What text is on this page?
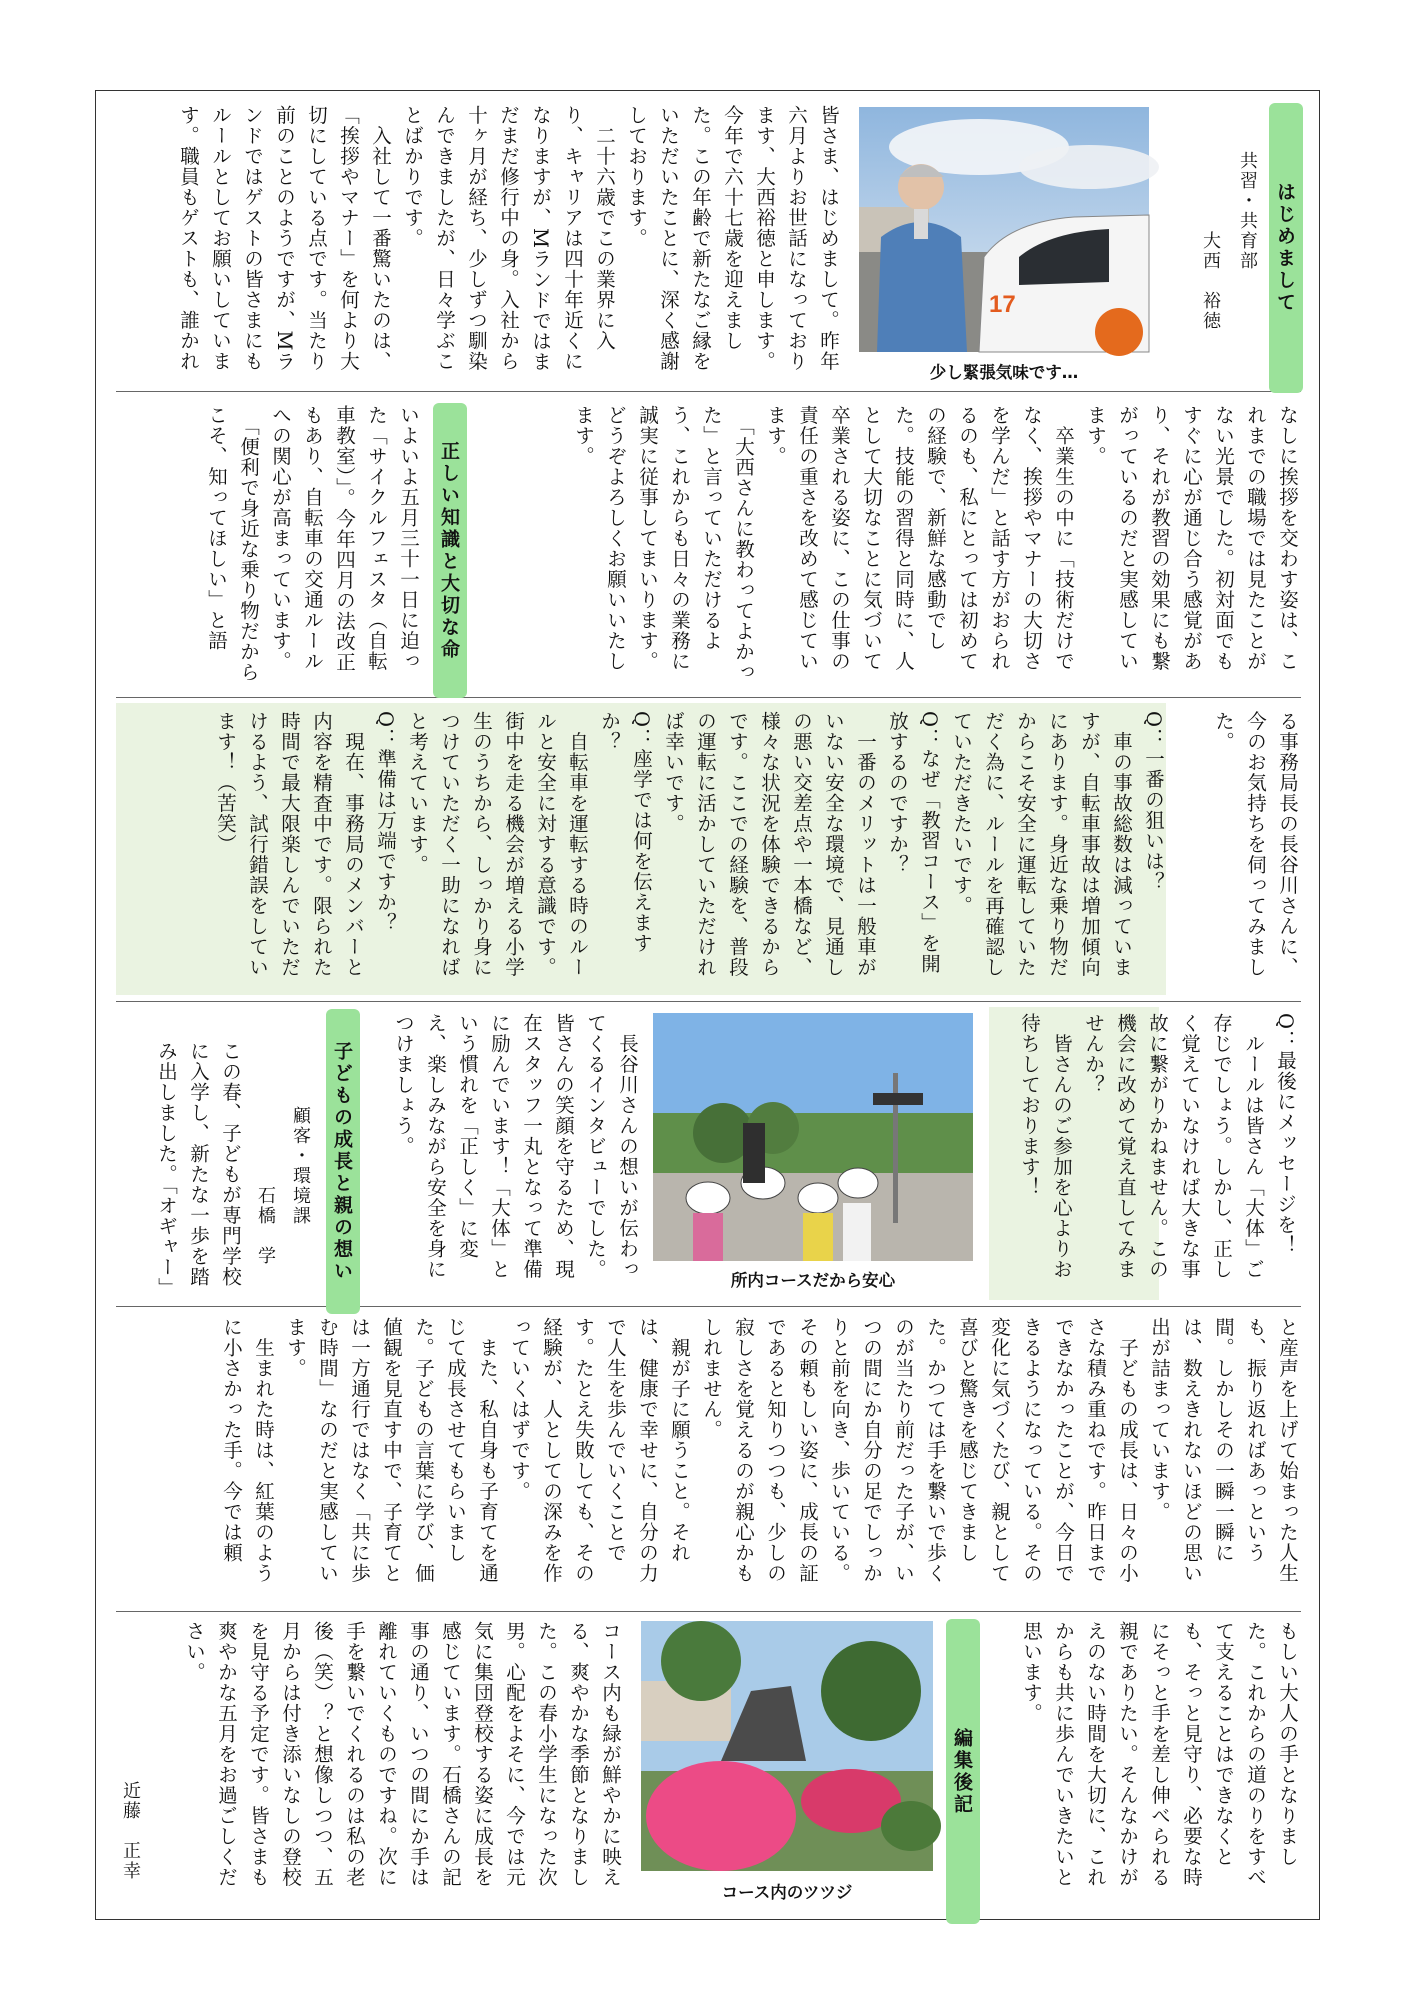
はじめまして
共習・共育部
大西　裕徳
17
少し緊張気味です…
皆さま、はじめまして。昨年六月よりお世話になっております、大西裕徳と申します。今年で六十七歳を迎えました。この年齢で新たなご縁をいただいたことに、深く感謝しております。
　二十六歳でこの業界に入り、キャリアは四十年近くになりますが、Mランドではまだまだ修行中の身。入社から十ヶ月が経ち、少しずつ馴染んできましたが、日々学ぶことばかりです。
　入社して一番驚いたのは、「挨拶やマナー」を何より大切にしている点です。当たり前のことのようですが、Mランドではゲストの皆さまにもルールとしてお願いしています。職員もゲストも、誰かれ
なしに挨拶を交わす姿は、これまでの職場では見たことがない光景でした。初対面でもすぐに心が通じ合う感覚があり、それが教習の効果にも繋がっているのだと実感しています。
　卒業生の中に「技術だけでなく、挨拶やマナーの大切さを学んだ」と話す方がおられるのも、私にとっては初めての経験で、新鮮な感動でした。技能の習得と同時に、人として大切なことに気づいて卒業される姿に、この仕事の責任の重さを改めて感じています。
　「大西さんに教わってよかった」と言っていただけるよう、これからも日々の業務に誠実に従事してまいります。どうぞよろしくお願いいたします。
正しい知識と大切な命
いよいよ五月三十一日に迫った「サイクルフェスタ（自転車教室）」。今年四月の法改正もあり、自転車の交通ルールへの関心が高まっています。
　「便利で身近な乗り物だからこそ、知ってほしい」と語
る事務局長の長谷川さんに、今のお気持ちを伺ってみました。
Q：一番の狙いは？
　車の事故総数は減っていますが、自転車事故は増加傾向にあります。身近な乗り物だからこそ安全に運転していただく為に、ルールを再確認していただきたいです。
Q：なぜ「教習コース」を開放するのですか？
　一番のメリットは一般車がいない安全な環境で、見通しの悪い交差点や一本橋など、様々な状況を体験できるからです。ここでの経験を、普段の運転に活かしていただければ幸いです。
Q：座学では何を伝えますか？
　自転車を運転する時のルールと安全に対する意識です。街中を走る機会が増える小学生のうちから、しっかり身につけていただく一助になればと考えています。
Q：準備は万端ですか？
　現在、事務局のメンバーと内容を精査中です。限られた時間で最大限楽しんでいただけるよう、試行錯誤をしています！（苦笑）
Q：最後にメッセージを！
　ルールは皆さん「大体」ご存じでしょう。しかし、正しく覚えていなければ大きな事故に繋がりかねません。この機会に改めて覚え直してみませんか？
　皆さんのご参加を心よりお待ちしております！
所内コースだから安心
　長谷川さんの想いが伝わってくるインタビューでした。皆さんの笑顔を守るため、現在スタッフ一丸となって準備に励んでいます！「大体」という慣れを「正しく」に変え、楽しみながら安全を身につけましょう。
子どもの成長と親の想い
顧客・環境課
石橋　学
この春、子どもが専門学校に入学し、新たな一歩を踏み出しました。「オギャー」
と産声を上げて始まった人生も、振り返ればあっという間。しかしその一瞬一瞬には、数えきれないほどの思い出が詰まっています。
　子どもの成長は、日々の小さな積み重ねです。昨日までできなかったことが、今日できるようになっている。その変化に気づくたび、親として喜びと驚きを感じてきました。かつては手を繋いで歩くのが当たり前だった子が、いつの間にか自分の足でしっかりと前を向き、歩いている。その頼もしい姿に、成長の証であると知りつつも、少しの寂しさを覚えるのが親心かもしれません。
　親が子に願うこと。それは、健康で幸せに、自分の力で人生を歩んでいくことです。たとえ失敗しても、その経験が、人としての深みを作っていくはずです。
　また、私自身も子育てを通じて成長させてもらいました。子どもの言葉に学び、価値観を見直す中で、子育てとは一方通行ではなく「共に歩む時間」なのだと実感しています。
　生まれた時は、紅葉のように小さかった手。今では頼
編集後記	もしい大人の手となりました。これからの道のりをすべて支えることはできなくとも、そっと見守り、必要な時にそっと手を差し伸べられる親でありたい。そんなかけがえのない時間を大切に、これからも共に歩んでいきたいと思います。
コース内のツツジ
コース内も緑が鮮やかに映える、爽やかな季節となりました。この春小学生になった次男。心配をよそに、今では元気に集団登校する姿に成長を感じています。石橋さんの記事の通り、いつの間にか手は離れていくものですね。次に手を繋いでくれるのは私の老後（笑）？と想像しつつ、五月からは付き添いなしの登校を見守る予定です。皆さまも爽やかな五月をお過ごしください。
近藤　正幸
